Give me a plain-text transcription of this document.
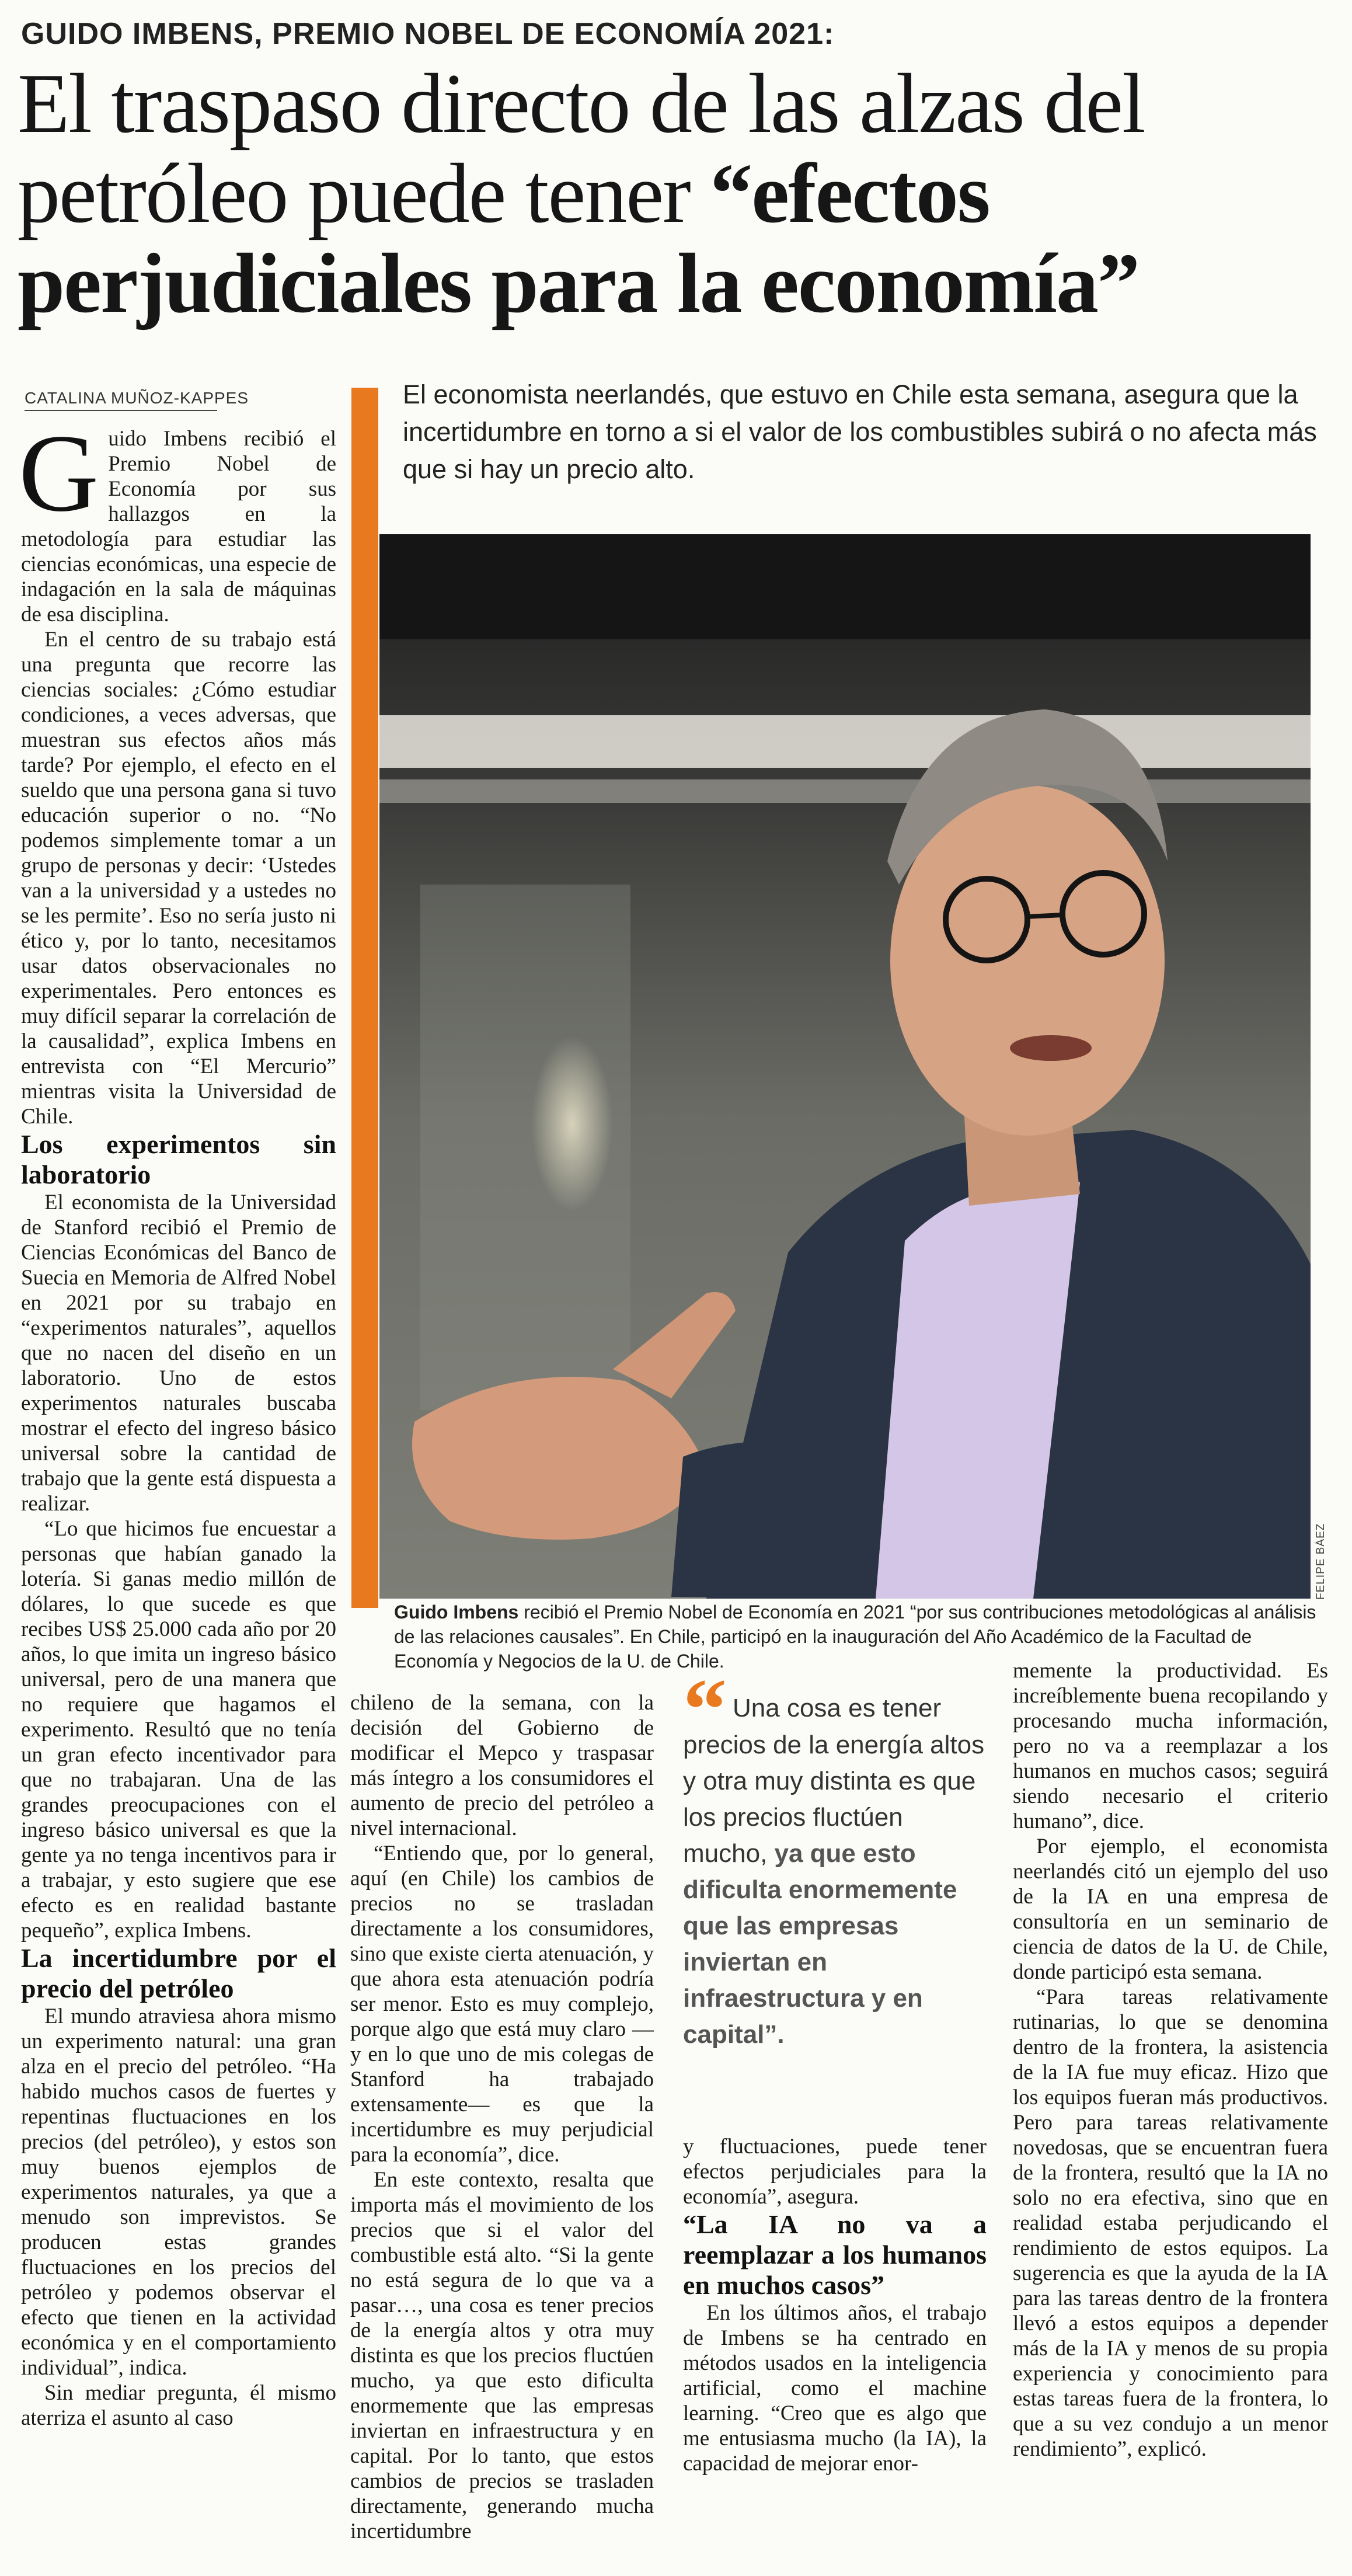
GUIDO IMBENS, PREMIO NOBEL DE ECONOMÍA 2021:
El traspaso directo de las alzas del
petróleo puede tener “efectos
perjudiciales para la economía”
CATALINA MUÑOZ-KAPPES	El economista neerlandés, que estuvo en Chile esta semana, asegura que la incertidumbre en torno a si el valor de los combustibles subirá o no afecta más que si hay un precio alto.
FELIPE BÁEZ
Guido Imbens recibió el Premio Nobel de Economía en 2021 “por sus contribuciones metodológicas al análisis de las relaciones causales”. En Chile, participó en la inauguración del Año Académico de la Facultad de Economía y Negocios de la U. de Chile.

Guido Imbens recibió el Premio Nobel de Economía por sus hallazgos en la metodología para estudiar las ciencias económicas, una especie de indagación en la sala de máquinas de esa disciplina.

En el centro de su trabajo está una pregunta que recorre las ciencias sociales: ¿Cómo estudiar condiciones, a veces adversas, que muestran sus efectos años más tarde? Por ejemplo, el efecto en el sueldo que una persona gana si tuvo educación superior o no. “No podemos simplemente tomar a un grupo de personas y decir: ‘Ustedes van a la universidad y a ustedes no se les permite’. Eso no sería justo ni ético y, por lo tanto, necesitamos usar datos observacionales no experimentales. Pero entonces es muy difícil separar la correlación de la causalidad”, explica Imbens en entrevista con “El Mercurio” mientras visita la Universidad de Chile.

Los experimentos sin laboratorio

El economista de la Universidad de Stanford recibió el Premio de Ciencias Económicas del Banco de Suecia en Memoria de Alfred Nobel en 2021 por su trabajo en “experimentos naturales”, aquellos que no nacen del diseño en un laboratorio. Uno de estos experimentos naturales buscaba mostrar el efecto del ingreso básico universal sobre la cantidad de trabajo que la gente está dispuesta a realizar.

“Lo que hicimos fue encuestar a personas que habían ganado la lotería. Si ganas medio millón de dólares, lo que sucede es que recibes US$ 25.000 cada año por 20 años, lo que imita un ingreso básico universal, pero de una manera que no requiere que hagamos el experimento. Resultó que no tenía un gran efecto incentivador para que no trabajaran. Una de las grandes preocupaciones con el ingreso básico universal es que la gente ya no tenga incentivos para ir a trabajar, y esto sugiere que ese efecto es en realidad bastante pequeño”, explica Imbens.

La incertidumbre por el precio del petróleo

El mundo atraviesa ahora mismo un experimento natural: una gran alza en el precio del petróleo. “Ha habido muchos casos de fuertes y repentinas fluctuaciones en los precios (del petróleo), y estos son muy buenos ejemplos de experimentos naturales, ya que a menudo son imprevistos. Se producen estas grandes fluctuaciones en los precios del petróleo y podemos observar el efecto que tienen en la actividad económica y en el comportamiento individual”, indica.

Sin mediar pregunta, él mismo aterriza el asunto al caso

chileno de la semana, con la decisión del Gobierno de modificar el Mepco y traspasar más íntegro a los consumidores el aumento de precio del petróleo a nivel internacional.

“Entiendo que, por lo general, aquí (en Chile) los cambios de precios no se trasladan directamente a los consumidores, sino que existe cierta atenuación, y que ahora esta atenuación podría ser menor. Esto es muy complejo, porque algo que está muy claro —y en lo que uno de mis colegas de Stanford ha trabajado extensamente— es que la incertidumbre es muy perjudicial para la economía”, dice.

En este contexto, resalta que importa más el movimiento de los precios que si el valor del combustible está alto. “Si la gente no está segura de lo que va a pasar…, una cosa es tener precios de la energía altos y otra muy distinta es que los precios fluctúen mucho, ya que esto dificulta enormemente que las empresas inviertan en infraestructura y en capital. Por lo tanto, que estos cambios de precios se trasladen directamente, generando mucha incertidumbre

“ Una cosa es tener precios de la energía altos y otra muy distinta es que los precios fluctúen mucho, ya que esto dificulta enormemente que las empresas inviertan en infraestructura y en capital”.

y fluctuaciones, puede tener efectos perjudiciales para la economía”, asegura.

“La IA no va a reemplazar a los humanos en muchos casos”

En los últimos años, el trabajo de Imbens se ha centrado en métodos usados en la inteligencia artificial, como el machine learning. “Creo que es algo que me entusiasma mucho (la IA), la capacidad de mejorar enor-

memente la productividad. Es increíblemente buena recopilando y procesando mucha información, pero no va a reemplazar a los humanos en muchos casos; seguirá siendo necesario el criterio humano”, dice.

Por ejemplo, el economista neerlandés citó un ejemplo del uso de la IA en una empresa de consultoría en un seminario de ciencia de datos de la U. de Chile, donde participó esta semana.

“Para tareas relativamente rutinarias, lo que se denomina dentro de la frontera, la asistencia de la IA fue muy eficaz. Hizo que los equipos fueran más productivos. Pero para tareas relativamente novedosas, que se encuentran fuera de la frontera, resultó que la IA no solo no era efectiva, sino que en realidad estaba perjudicando el rendimiento de estos equipos. La sugerencia es que la ayuda de la IA para las tareas dentro de la frontera llevó a estos equipos a depender más de la IA y menos de su propia experiencia y conocimiento para estas tareas fuera de la frontera, lo que a su vez condujo a un menor rendimiento”, explicó.
